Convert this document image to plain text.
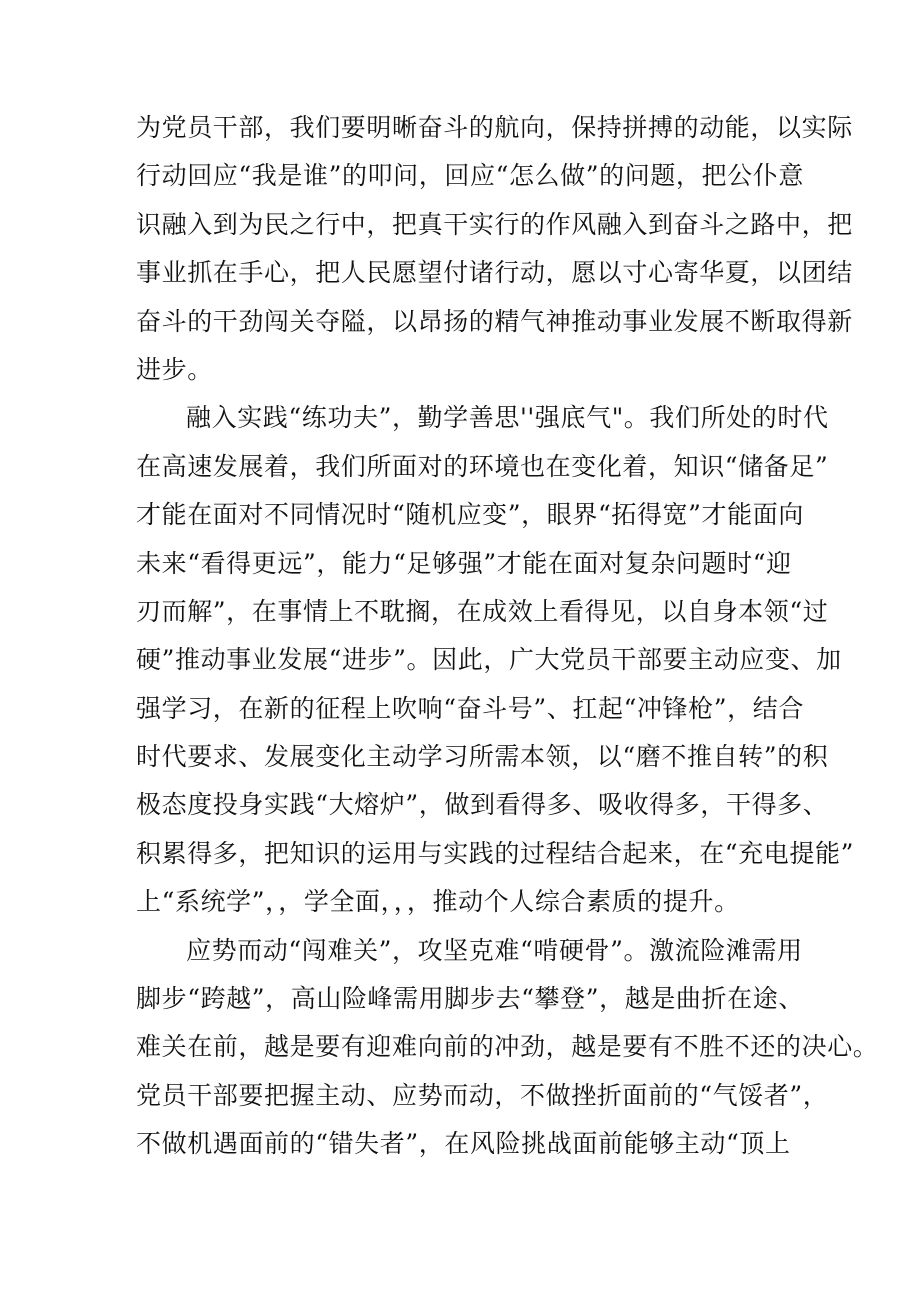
为党员干部，我们要明晰奋斗的航向，保持拼搏的动能，以实际
行动回应“我是谁”的叩问，回应“怎么做”的问题，把公仆意
识融入到为民之行中，把真干实行的作风融入到奋斗之路中，把
事业抓在手心，把人民愿望付诸行动，愿以寸心寄华夏，以团结
奋斗的干劲闯关夺隘，以昂扬的精气神推动事业发展不断取得新
进步。
融入实践“练功夫”，勤学善思''强底气"。我们所处的时代
在高速发展着，我们所面对的环境也在变化着，知识“储备足”
才能在面对不同情况时“随机应变”，眼界“拓得宽”才能面向
未来“看得更远”，能力“足够强”才能在面对复杂问题时“迎
刃而解”，在事情上不耽搁，在成效上看得见，以自身本领“过
硬”推动事业发展“进步”。因此，广大党员干部要主动应变、加
强学习，在新的征程上吹响“奋斗号”、扛起“冲锋枪”，结合
时代要求、发展变化主动学习所需本领，以“磨不推自转”的积
极态度投身实践“大熔炉”，做到看得多、吸收得多，干得多、
积累得多，把知识的运用与实践的过程结合起来，在“充电提能”
上“系统学”，，学全面，，，推动个人综合素质的提升。
应势而动“闯难关”，攻坚克难“啃硬骨”。激流险滩需用
脚步“跨越”，高山险峰需用脚步去“攀登”，越是曲折在途、
难关在前，越是要有迎难向前的冲劲，越是要有不胜不还的决心。
党员干部要把握主动、应势而动，不做挫折面前的“气馁者”，
不做机遇面前的“错失者”，在风险挑战面前能够主动“顶上
